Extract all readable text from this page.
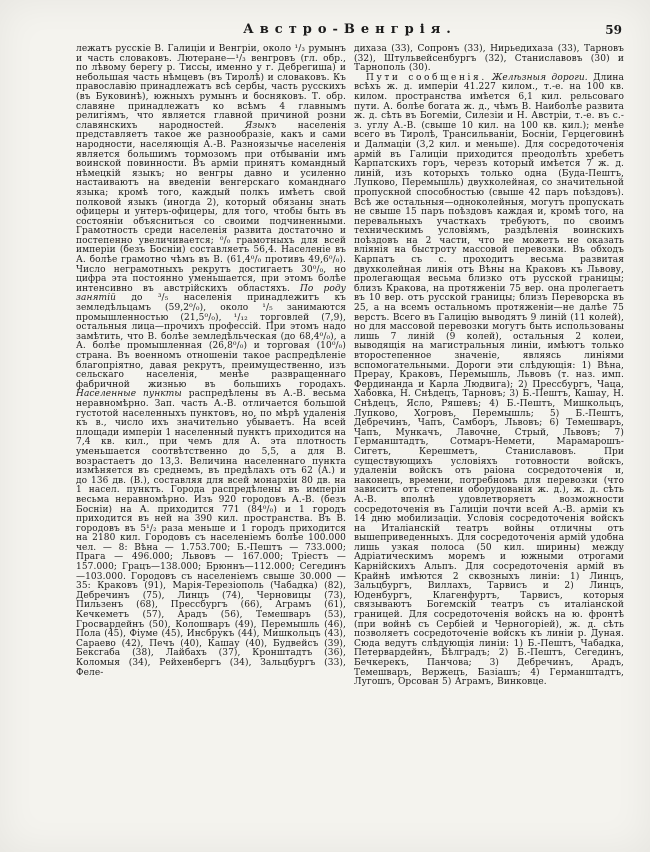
Австро-Венгрія.	59

лежатъ русскіе В. Галиціи и Венгріи, около ¹/₃ румынъ и часть словаковъ. Лютеране—¹/₃ венгровъ (гл. обр., по лѣвому берегу р. Тиссы, именно у г. Дебрегиша) и небольшая часть нѣмцевъ (въ Тиролѣ) и словаковъ. Къ православію принадлежатъ всѣ сербы, часть русскихъ (въ Буковинѣ), южныхъ румынъ и босняковъ. Т. обр. славяне принадлежатъ ко всѣмъ 4 главнымъ религіямъ, что является главной причиной розни славянскихъ народностей. Языкъ населенія представляетъ такое же разнообразіе, какъ и сами народности, населяющія А.-В. Разноязычье населенія является большимъ тормозомъ при отбываніи имъ воинской повинности. Въ арміи принятъ командный нѣмецкій языкъ; но венгры давно и усиленно настаиваютъ на введеніи венгерскаго команднаго языка; кромѣ того, каждый полкъ имѣетъ свой полковой языкъ (иногда 2), который обязаны знать офицеры и унтеръ-офицеры, для того, чтобы быть въ состояніи объясниться со своими подчиненными. Грамотность среди населенія развита достаточно и постепенно увеличивается; ⁰/₀ грамотныхъ для всей имперіи (безъ Босніи) составляетъ 56,4. Населеніе въ А. болѣе грамотно чѣмъ въ В. (61,4⁰/₀ противъ 49,6⁰/₀). Число неграмотныхъ рекрутъ достигаетъ 30⁰/₀, но цифра эта постоянно уменьшается, при этомъ болѣе интенсивно въ австрійскихъ областяхъ. По роду занятій до ³/₅ населенія принадлежитъ къ земледѣльцамъ (59,2⁰/₀), около ¹/₅ занимаются промышленностью (21,5⁰/₀), ¹/₁₂ торговлей (7,9), остальныя лица—прочихъ профессій. При этомъ надо замѣтить, что В. болѣе земледѣльческая (до 68,4⁰/₀), а А. болѣе промышленная (26,8⁰/₀) и торговая (10⁰/₀) страна. Въ военномъ отношеніи такое распредѣленіе благопріятно, давая рекрутъ, преимущественно, изъ сельскаго населенія, менѣе развращеннаго фабричной жизнью въ большихъ городахъ. Населенные пункты распредѣлены въ А.-В. весьма неравномѣрно. Зап. часть А.-В. отличается большой густотой населенныхъ пунктовъ, но, по мѣрѣ удаленія къ в., число ихъ значительно убываетъ. На всей площади имперіи 1 населенный пунктъ приходится на 7,4 кв. кил., при чемъ для А. эта плотность уменьшается соотвѣтственно до 5,5, а для В. возрастаетъ до 13,3. Величина населеннаго пункта измѣняется въ среднемъ, въ предѣлахъ отъ 62 (А.) и до 136 дв. (В.), составляя для всей монархіи 80 дв. на 1 насел. пунктъ. Города распредѣлены въ имперіи весьма неравномѣрно. Изъ 920 городовъ А.-В. (безъ Босніи) на А. приходится 771 (84⁰/₀) и 1 городъ приходится въ ней на 390 кил. пространства. Въ В. городовъ въ 5¹/₂ раза меньше и 1 городъ приходится на 2180 кил. Городовъ съ населеніемъ болѣе 100.000 чел. — 8: Вѣна — 1.753.700; Б.-Пештъ — 733.000; Прага — 496.000; Львовъ — 167.000; Тріестъ — 157.000; Грацъ—138.000; Брюннъ—112.000; Сегединъ—103.000. Городовъ съ населеніемъ свыше 30.000 — 35: Краковъ (91), Марія-Терезіополь (Чабадка) (82), Дебречинъ (75), Линцъ (74), Черновицы (73), Пильзенъ (68), Прессбургъ (66), Аграмъ (61), Кечкеметъ (57), Арадъ (56), Темешваръ (53), Гросвардейнъ (50), Колошваръ (49), Перемышль (46), Пола (45), Фіуме (45), Инсбрукъ (44), Мишкольцъ (43), Сараево (42), Печъ (40), Кашау (40), Будвейсъ (39), Бексгаба (38), Лайбахъ (37), Кронштадтъ (36), Коломыя (34), Рейхенбергъ (34), Зальцбургъ (33), Феле-

дихаза (33), Сопронъ (33), Нирьедихаза (33), Тарновъ (32), Штульвейсенбургъ (32), Станиславовъ (30) и Тарнополь (30).

Пути сообщенія. Желѣзныя дороги. Длина всѣхъ ж. д. имперіи 41.227 килом., т.-е. на 100 кв. килом. пространства имѣется 6,1 кил. рельсоваго пути. А. болѣе богата ж. д., чѣмъ В. Наиболѣе развита ж. д. сѣть въ Богеміи, Силезіи и Н. Австріи, т.-е. въ с.-з. углу А.-В. (свыше 10 кил. на 100 кв. кил.); менѣе всего въ Тиролѣ, Трансильваніи, Босніи, Герцеговинѣ и Далмаціи (3,2 кил. и меньше). Для сосредоточенія армій въ Галиціи приходится преодолѣть хребетъ Карпатскихъ горъ, черезъ который имѣется 7 ж. д. линій, изъ которыхъ только одна (Буда-Пештъ, Лупково, Перемышль) двухколейная, со значительной пропускной способностью (свыше 42 паръ поѣздовъ). Всѣ же остальныя—одноколейныя, могутъ пропускать не свыше 15 паръ поѣздовъ каждая и, кромѣ того, на перевальныхъ участкахъ требуютъ, по своимъ техническимъ условіямъ, раздѣленія воинскихъ поѣздовъ на 2 части, что не можетъ не оказать вліянія на быстроту массовой перевозки. Въ обходъ Карпатъ съ с. проходитъ весьма развитая двухколейная линія отъ Вѣны на Краковъ къ Львову, пролегающая весьма близко отъ русской границы; близъ Кракова, на протяженіи 75 вер. она пролегаетъ въ 10 вер. отъ русской границы; близъ Переворска въ 25, а на всемъ остальномъ протяженіи—не далѣе 75 верстъ. Всего въ Галицію выводятъ 9 линій (11 колей), но для массовой перевозки могутъ быть использованы лишь 7 линій (9 колей), остальныя 2 колеи, выводящія на магистральныя линіи, имѣютъ только второстепенное значеніе, являясь линіями вспомогательными. Дороги эти слѣдующія: 1) Вѣна, Прерау, Краковъ, Перемышль, Львовъ (т. наз. имп. Фердинанда и Карла Людвига); 2) Прессбургъ, Чаца, Хабовка, Н. Снѣдецъ, Тарновъ; 3) Б.-Пештъ, Кашау, Н. Снѣдецъ, Ясло, Ряшевъ; 4) Б.-Пештъ, Мишкольцъ, Лупково, Хогровъ, Перемышль; 5) Б.-Пештъ, Дебречинъ, Чапъ, Самборъ, Львовъ; 6) Темешваръ, Чапъ, Мункачъ, Лавочне, Стрый, Львовъ; 7) Германштадтъ, Сотмаръ-Немети, Марамарошъ-Сигетъ, Керешметъ, Станиславовъ. При существующихъ условіяхъ готовности войскъ, удаленіи войскъ отъ раіона сосредоточенія и, наконецъ, времени, потребномъ для перевозки (что зависитъ отъ степени оборудованія ж. д.), ж. д. сѣть А.-В. вполнѣ удовлетворяетъ возможности сосредоточенія въ Галиціи почти всей А.-В. арміи къ 14 дню мобилизаціи. Условія сосредоточенія войскъ на Италіанскій театръ войны отличны отъ вышеприведенныхъ. Для сосредоточенія армій удобна лишь узкая полоса (50 кил. ширины) между Адріатическимъ моремъ и южными отрогами Карнійскихъ Альпъ. Для сосредоточенія армій въ Крайнѣ имѣются 2 сквозныхъ линіи: 1) Линцъ, Зальцбургъ, Виллахъ, Тарвисъ и 2) Линцъ, Юденбургъ, Клагенфуртъ, Тарвисъ, которыя связываютъ Богемскій театръ съ италіанской границей. Для сосредоточенія войскъ на ю. фронтѣ (при войнѣ съ Сербіей и Черногоріей), ж. д. сѣть позволяетъ сосредоточеніе войскъ къ линіи р. Дуная. Сюда ведутъ слѣдующія линіи: 1) Б.-Пештъ, Чабадка, Петервардейнъ, Бѣлградъ; 2) Б.-Пештъ, Сегединъ, Бечкерекъ, Панчова; 3) Дебречинъ, Арадъ, Темешваръ, Вержецъ, Базіашъ; 4) Германштадтъ, Лугошъ, Орсован 5) Аграмъ, Винковце.
